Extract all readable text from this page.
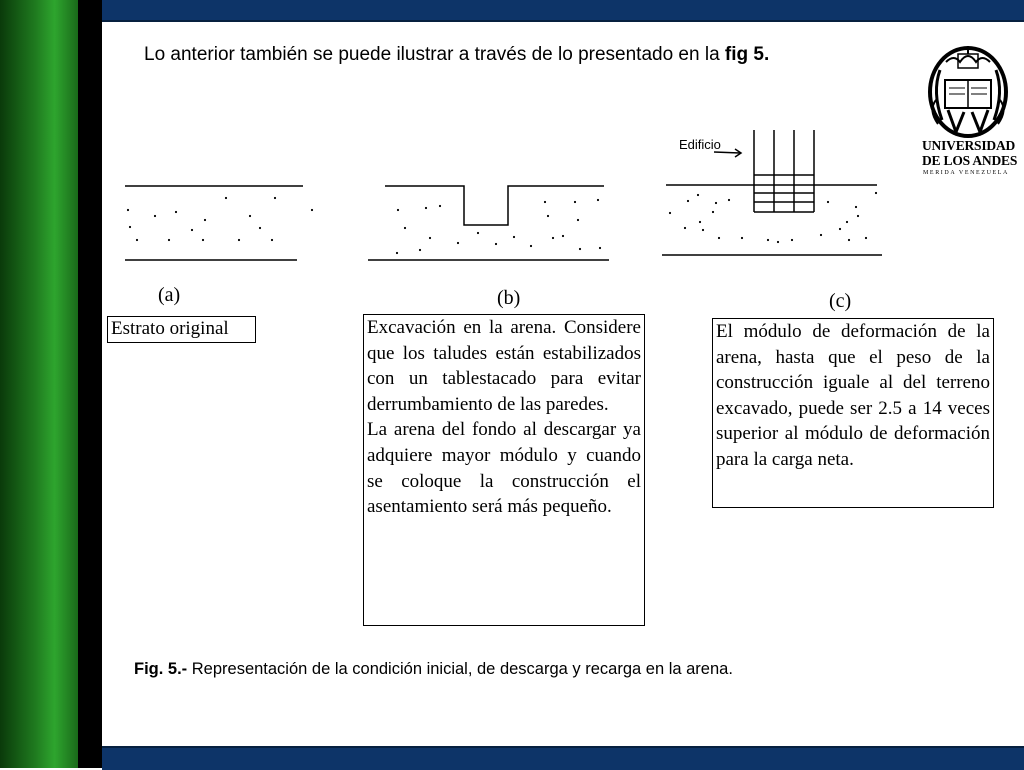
Lo anterior también se puede ilustrar a través de lo presentado en la fig 5.
UNIVERSIDAD
DE LOS ANDES
MERIDA VENEZUELA
Edificio
(a)	(b)	(c)

Estrato original	Excavación en la arena. Considere que los taludes están estabilizados con un tablestacado para evitar derrumbamiento de las paredes.

La arena del fondo al descargar ya adquiere mayor módulo y cuando se coloque la construcción el asentamiento será más pequeño.

El módulo de deformación de la arena, hasta que el peso de la construcción iguale al del terreno excavado, puede ser 2.5 a 14 veces superior al módulo de deformación para la carga neta.

Fig. 5.- Representación de la condición inicial, de descarga y recarga en la arena.
